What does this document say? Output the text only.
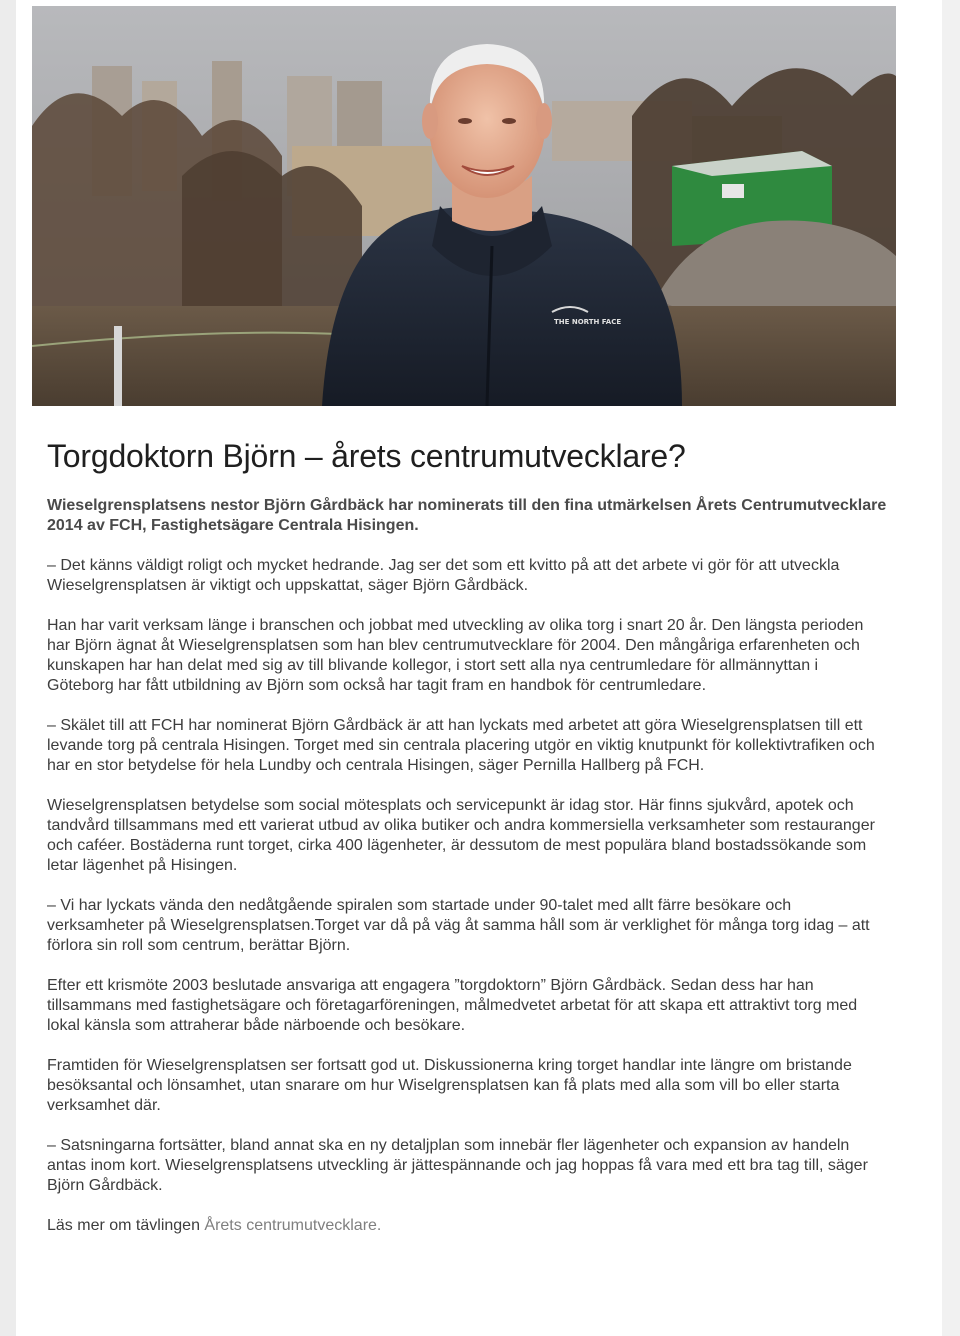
THE NORTH FACE
Torgdoktorn Björn – årets centrumutvecklare?

Wieselgrensplatsens nestor Björn Gårdbäck har nominerats till den fina utmärkelsen Årets Centrumutvecklare 2014 av FCH, Fastighetsägare Centrala Hisingen.

– Det känns väldigt roligt och mycket hedrande. Jag ser det som ett kvitto på att det arbete vi gör för att utveckla Wieselgrensplatsen är viktigt och uppskattat, säger Björn Gårdbäck.

Han har varit verksam länge i branschen och jobbat med utveckling av olika torg i snart 20 år. Den längsta perioden har Björn ägnat åt Wieselgrensplatsen som han blev centrumutvecklare för 2004. Den mångåriga erfarenheten och kunskapen har han delat med sig av till blivande kollegor, i stort sett alla nya centrumledare för allmännyttan i Göteborg har fått utbildning av Björn som också har tagit fram en handbok för centrumledare.

– Skälet till att FCH har nominerat Björn Gårdbäck är att han lyckats med arbetet att göra Wieselgrensplatsen till ett levande torg på centrala Hisingen. Torget med sin centrala placering utgör en viktig knutpunkt för kollektivtrafiken och har en stor betydelse för hela Lundby och centrala Hisingen, säger Pernilla Hallberg på FCH.

Wieselgrensplatsen betydelse som social mötesplats och servicepunkt är idag stor. Här finns sjukvård, apotek och tandvård tillsammans med ett varierat utbud av olika butiker och andra kommersiella verksamheter som restauranger och caféer. Bostäderna runt torget, cirka 400 lägenheter, är dessutom de mest populära bland bostadssökande som letar lägenhet på Hisingen.

– Vi har lyckats vända den nedåtgående spiralen som startade under 90-talet med allt färre besökare och verksamheter på Wieselgrensplatsen.Torget var då på väg åt samma håll som är verklighet för många torg idag – att förlora sin roll som centrum, berättar Björn.

Efter ett krismöte 2003 beslutade ansvariga att engagera ”torgdoktorn” Björn Gårdbäck. Sedan dess har han tillsammans med fastighetsägare och företagarföreningen, målmedvetet arbetat för att skapa ett attraktivt torg med lokal känsla som attraherar både närboende och besökare.

Framtiden för Wieselgrensplatsen ser fortsatt god ut. Diskussionerna kring torget handlar inte längre om bristande besöksantal och lönsamhet, utan snarare om hur Wiselgrensplatsen kan få plats med alla som vill bo eller starta verksamhet där.

– Satsningarna fortsätter, bland annat ska en ny detaljplan som innebär fler lägenheter och expansion av handeln antas inom kort. Wieselgrensplatsens utveckling är jättespännande och jag hoppas få vara med ett bra tag till, säger Björn Gårdbäck.

Läs mer om tävlingen Årets centrumutvecklare.
